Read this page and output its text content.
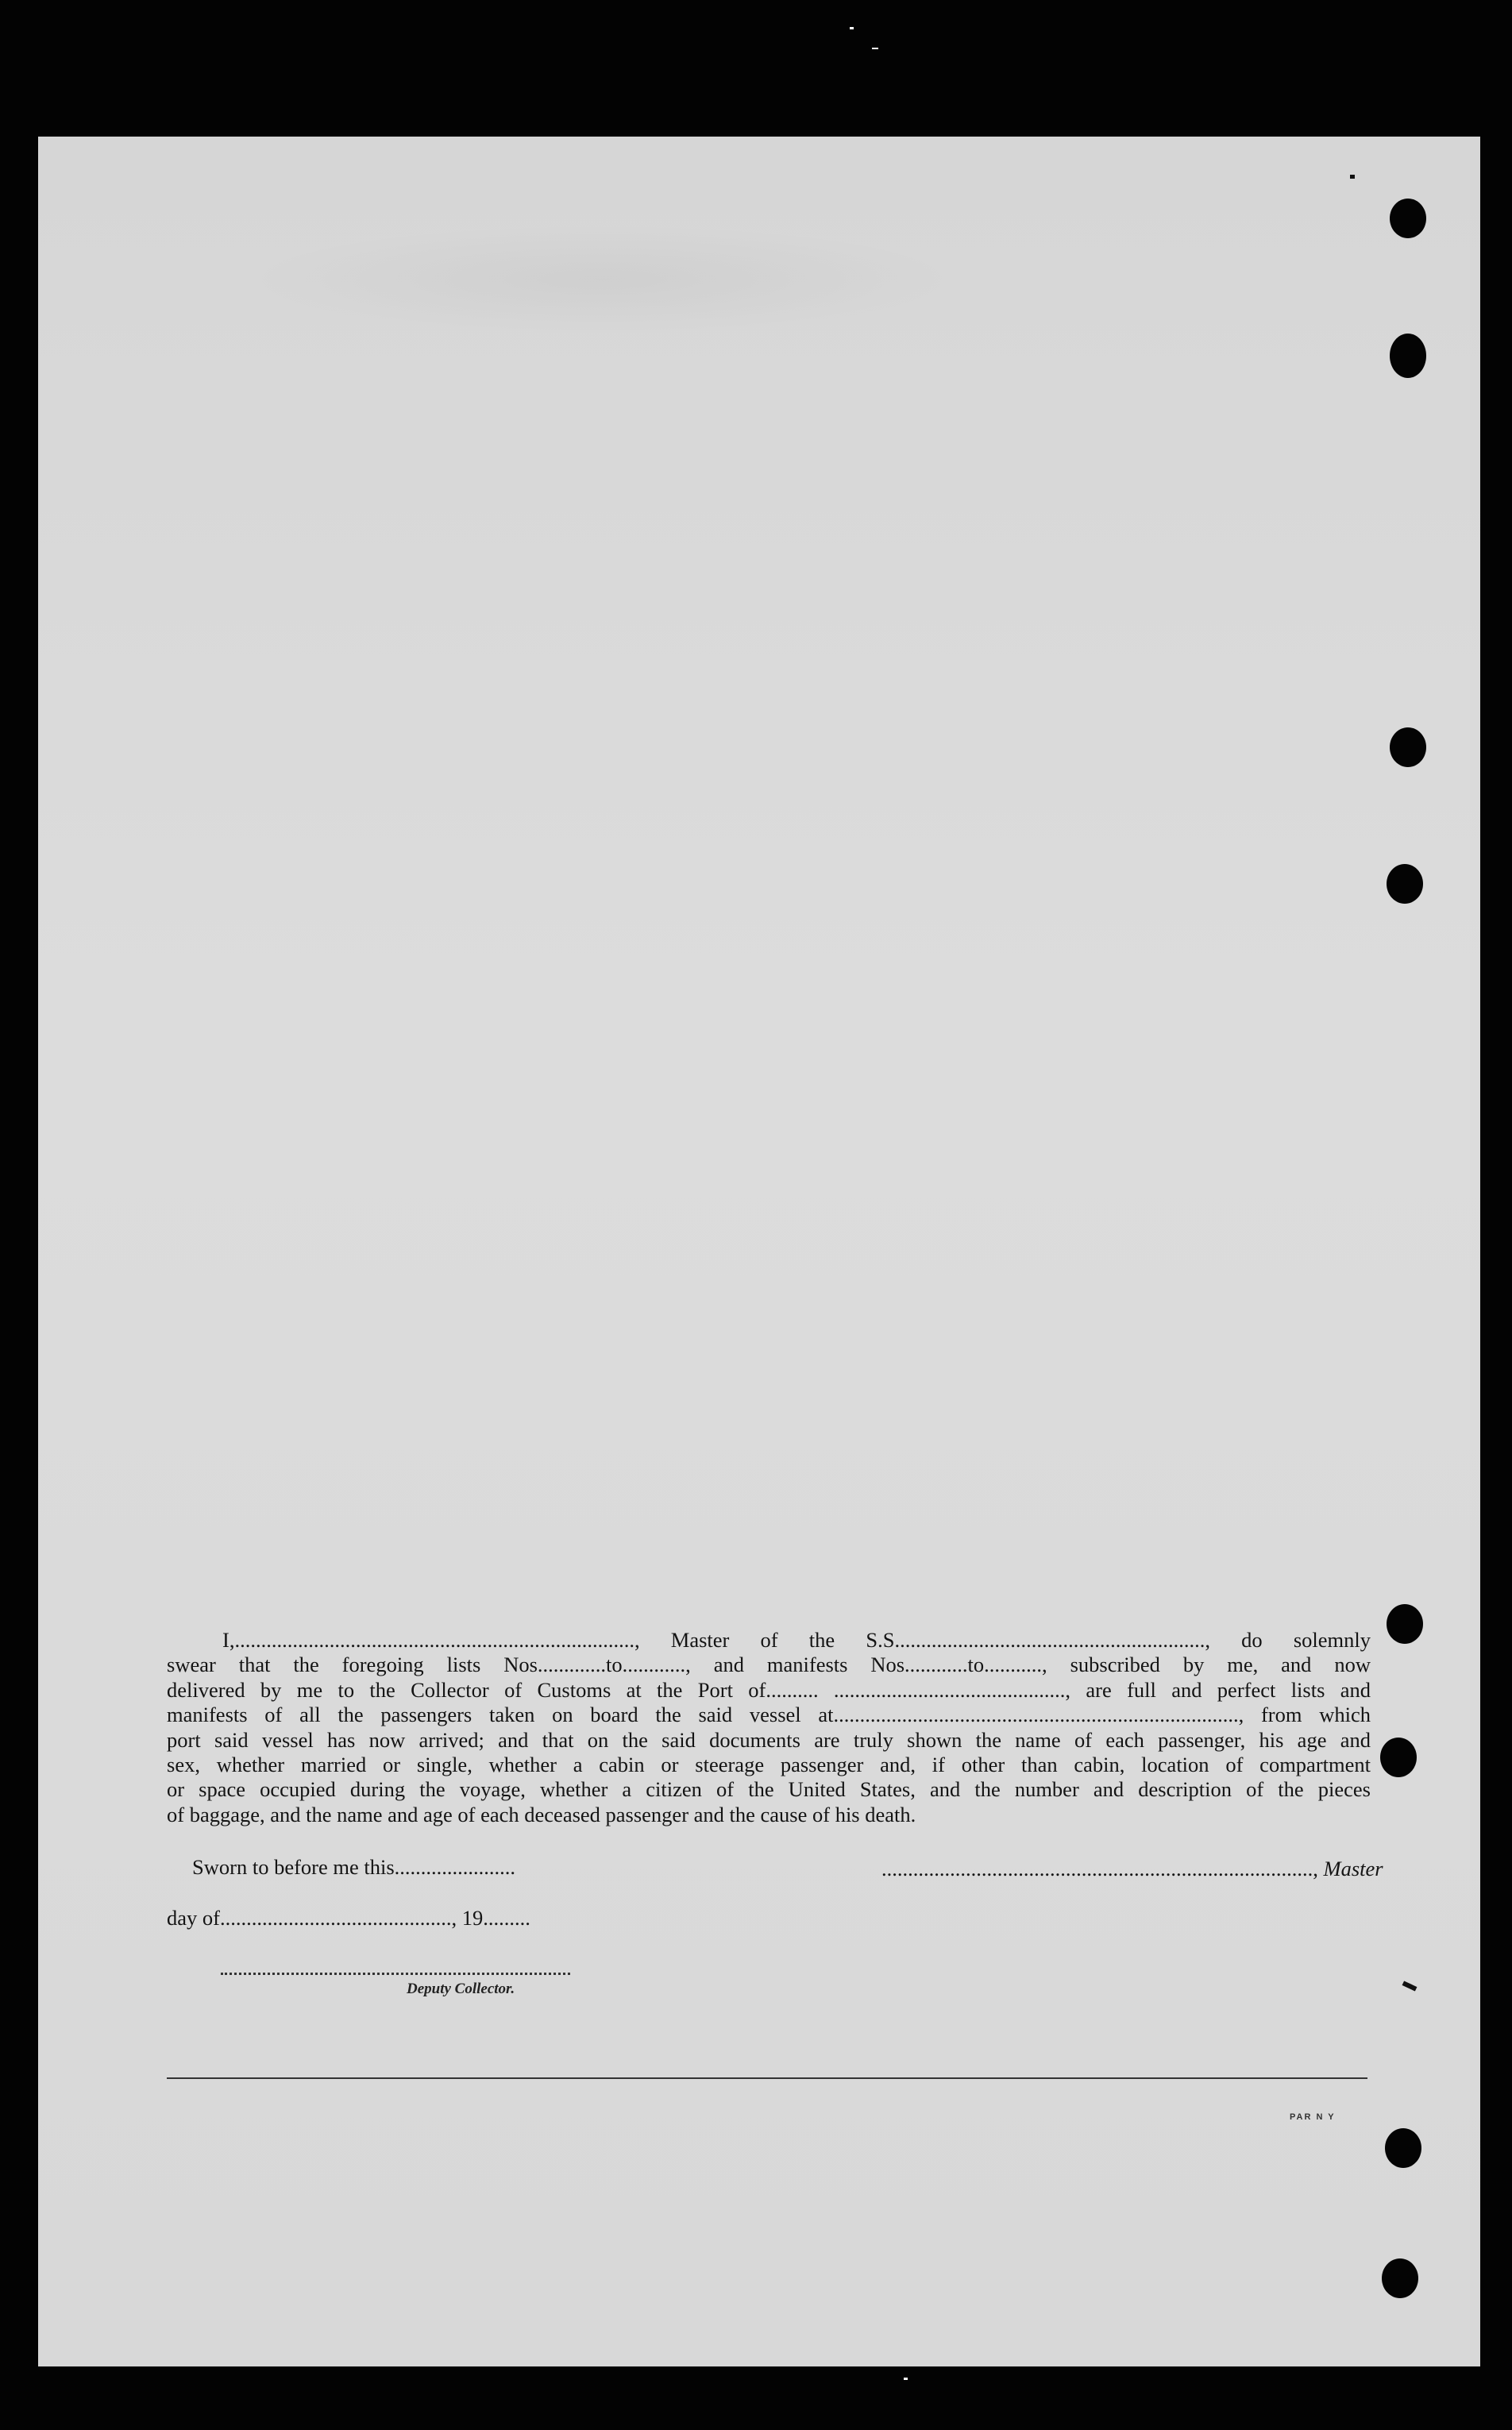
I,............................................................................, Master of the S.S..........................................................., do solemnly
swear that the foregoing lists Nos.............to............, and manifests Nos............to..........., subscribed by me, and now
delivered by me to the Collector of Customs at the Port of.......... ............................................, are full and perfect lists and
manifests of all the passengers taken on board the said vessel at............................................................................., from which
port said vessel has now arrived; and that on the said documents are truly shown the name of each passenger, his age and
sex, whether married or single, whether a cabin or steerage passenger and, if other than cabin, location of compartment
or space occupied during the voyage, whether a citizen of the United States, and the number and description of the pieces
of baggage, and the name and age of each deceased passenger and the cause of his death.
Sworn to before me this.......................	.................................................................................., Master
day of............................................, 19.........
Deputy Collector.
PAR N Y
